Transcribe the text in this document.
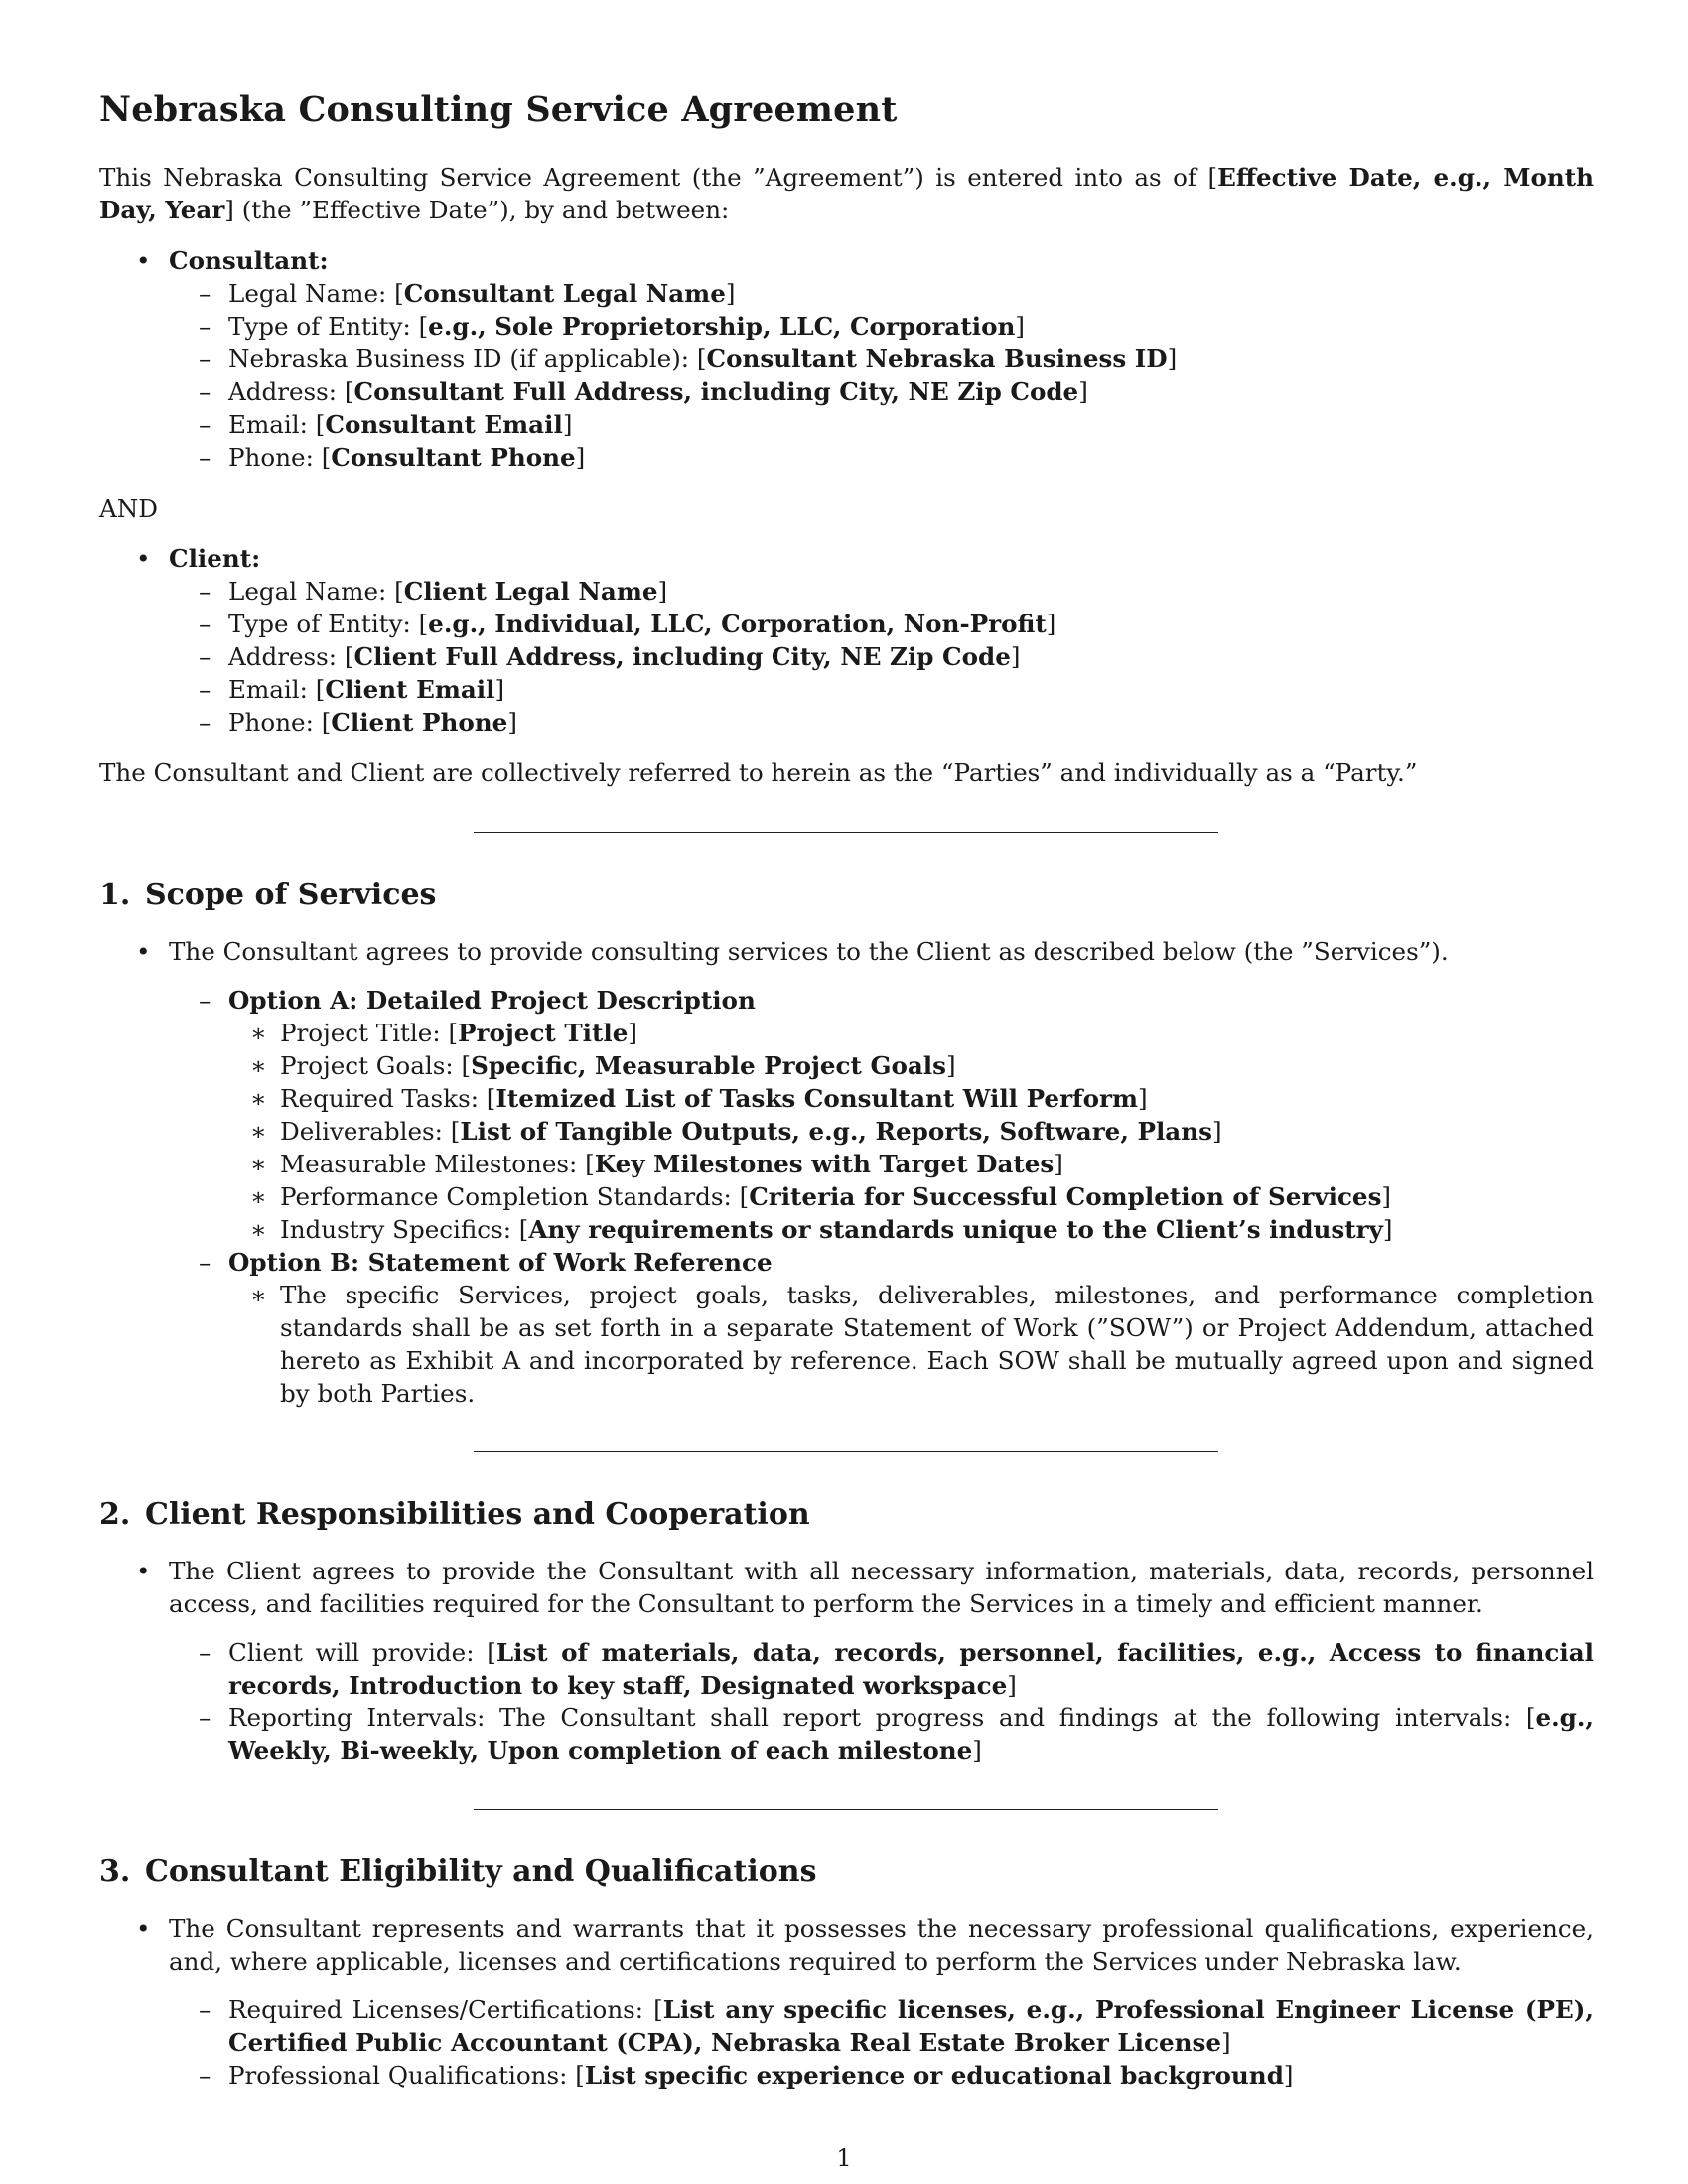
Nebraska Consulting Service Agreement

This Nebraska Consulting Service Agreement (the ”Agreement”) is entered into as of [Effective Date, e.g., Month Day, Year] (the ”Effective Date”), by and between:

• Consultant:
– Legal Name: [Consultant Legal Name]
– Type of Entity: [e.g., Sole Proprietorship, LLC, Corporation]
– Nebraska Business ID (if applicable): [Consultant Nebraska Business ID]
– Address: [Consultant Full Address, including City, NE Zip Code]
– Email: [Consultant Email]
– Phone: [Consultant Phone]
AND
• Client:
– Legal Name: [Client Legal Name]
– Type of Entity: [e.g., Individual, LLC, Corporation, Non-Profit]
– Address: [Client Full Address, including City, NE Zip Code]
– Email: [Client Email]
– Phone: [Client Phone]
The Consultant and Client are collectively referred to herein as the “Parties” and individually as a “Party.”
1. Scope of Services
• The Consultant agrees to provide consulting services to the Client as described below (the ”Services”).
– Option A: Detailed Project Description
∗ Project Title: [Project Title]
∗ Project Goals: [Specific, Measurable Project Goals]
∗ Required Tasks: [Itemized List of Tasks Consultant Will Perform]
∗ Deliverables: [List of Tangible Outputs, e.g., Reports, Software, Plans]
∗ Measurable Milestones: [Key Milestones with Target Dates]
∗ Performance Completion Standards: [Criteria for Successful Completion of Services]
∗ Industry Specifics: [Any requirements or standards unique to the Client’s industry]
– Option B: Statement of Work Reference
∗ The specific Services, project goals, tasks, deliverables, milestones, and performance completion standards shall be as set forth in a separate Statement of Work (”SOW”) or Project Addendum, attached hereto as Exhibit A and incorporated by reference. Each SOW shall be mutually agreed upon and signed by both Parties.
2. Client Responsibilities and Cooperation
• The Client agrees to provide the Consultant with all necessary information, materials, data, records, personnel access, and facilities required for the Consultant to perform the Services in a timely and efficient manner.
– Client will provide: [List of materials, data, records, personnel, facilities, e.g., Access to financial records, Introduction to key staff, Designated workspace]
– Reporting Intervals: The Consultant shall report progress and findings at the following intervals: [e.g., Weekly, Bi-weekly, Upon completion of each milestone]
3. Consultant Eligibility and Qualifications
• The Consultant represents and warrants that it possesses the necessary professional qualifications, experience, and, where applicable, licenses and certifications required to perform the Services under Nebraska law.
– Required Licenses/Certifications: [List any specific licenses, e.g., Professional Engineer License (PE), Certified Public Accountant (CPA), Nebraska Real Estate Broker License]
– Professional Qualifications: [List specific experience or educational background]
1
